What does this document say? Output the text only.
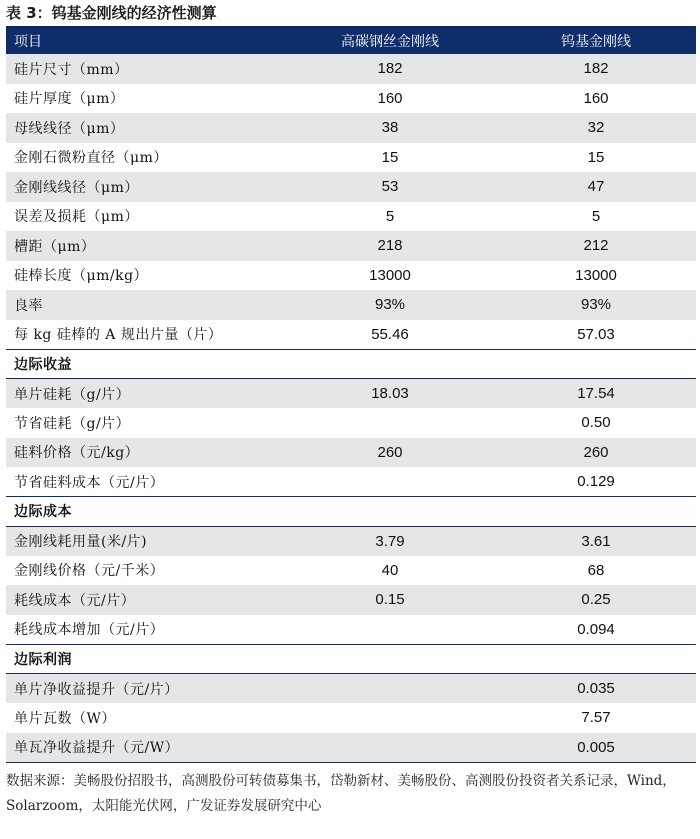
表 3：钨基金刚线的经济性测算
项目	高碳钢丝金刚线	钨基金刚线
硅片尺寸（mm）	182	182
硅片厚度（μm）	160	160
母线线径（μm）	38	32
金刚石微粉直径（μm）	15	15
金刚线线径（μm）	53	47
误差及损耗（μm）	5	5
槽距（μm）	218	212
硅棒长度（μm/kg）	13000	13000
良率	93%	93%
每 kg 硅棒的 A 规出片量（片）	55.46	57.03
边际收益		
单片硅耗（g/片）	18.03	17.54
节省硅耗（g/片）		0.50
硅料价格（元/kg）	260	260
节省硅料成本（元/片）		0.129
边际成本		
金刚线耗用量(米/片)	3.79	3.61
金刚线价格（元/千米）	40	68
耗线成本（元/片）	0.15	0.25
耗线成本增加（元/片）		0.094
边际利润		
单片净收益提升（元/片）		0.035
单片瓦数（W）		7.57
单瓦净收益提升（元/W）		0.005
数据来源：美畅股份招股书，高测股份可转债募集书，岱勒新材、美畅股份、高测股份投资者关系记录，Wind，Solarzoom，太阳能光伏网，广发证券发展研究中心
